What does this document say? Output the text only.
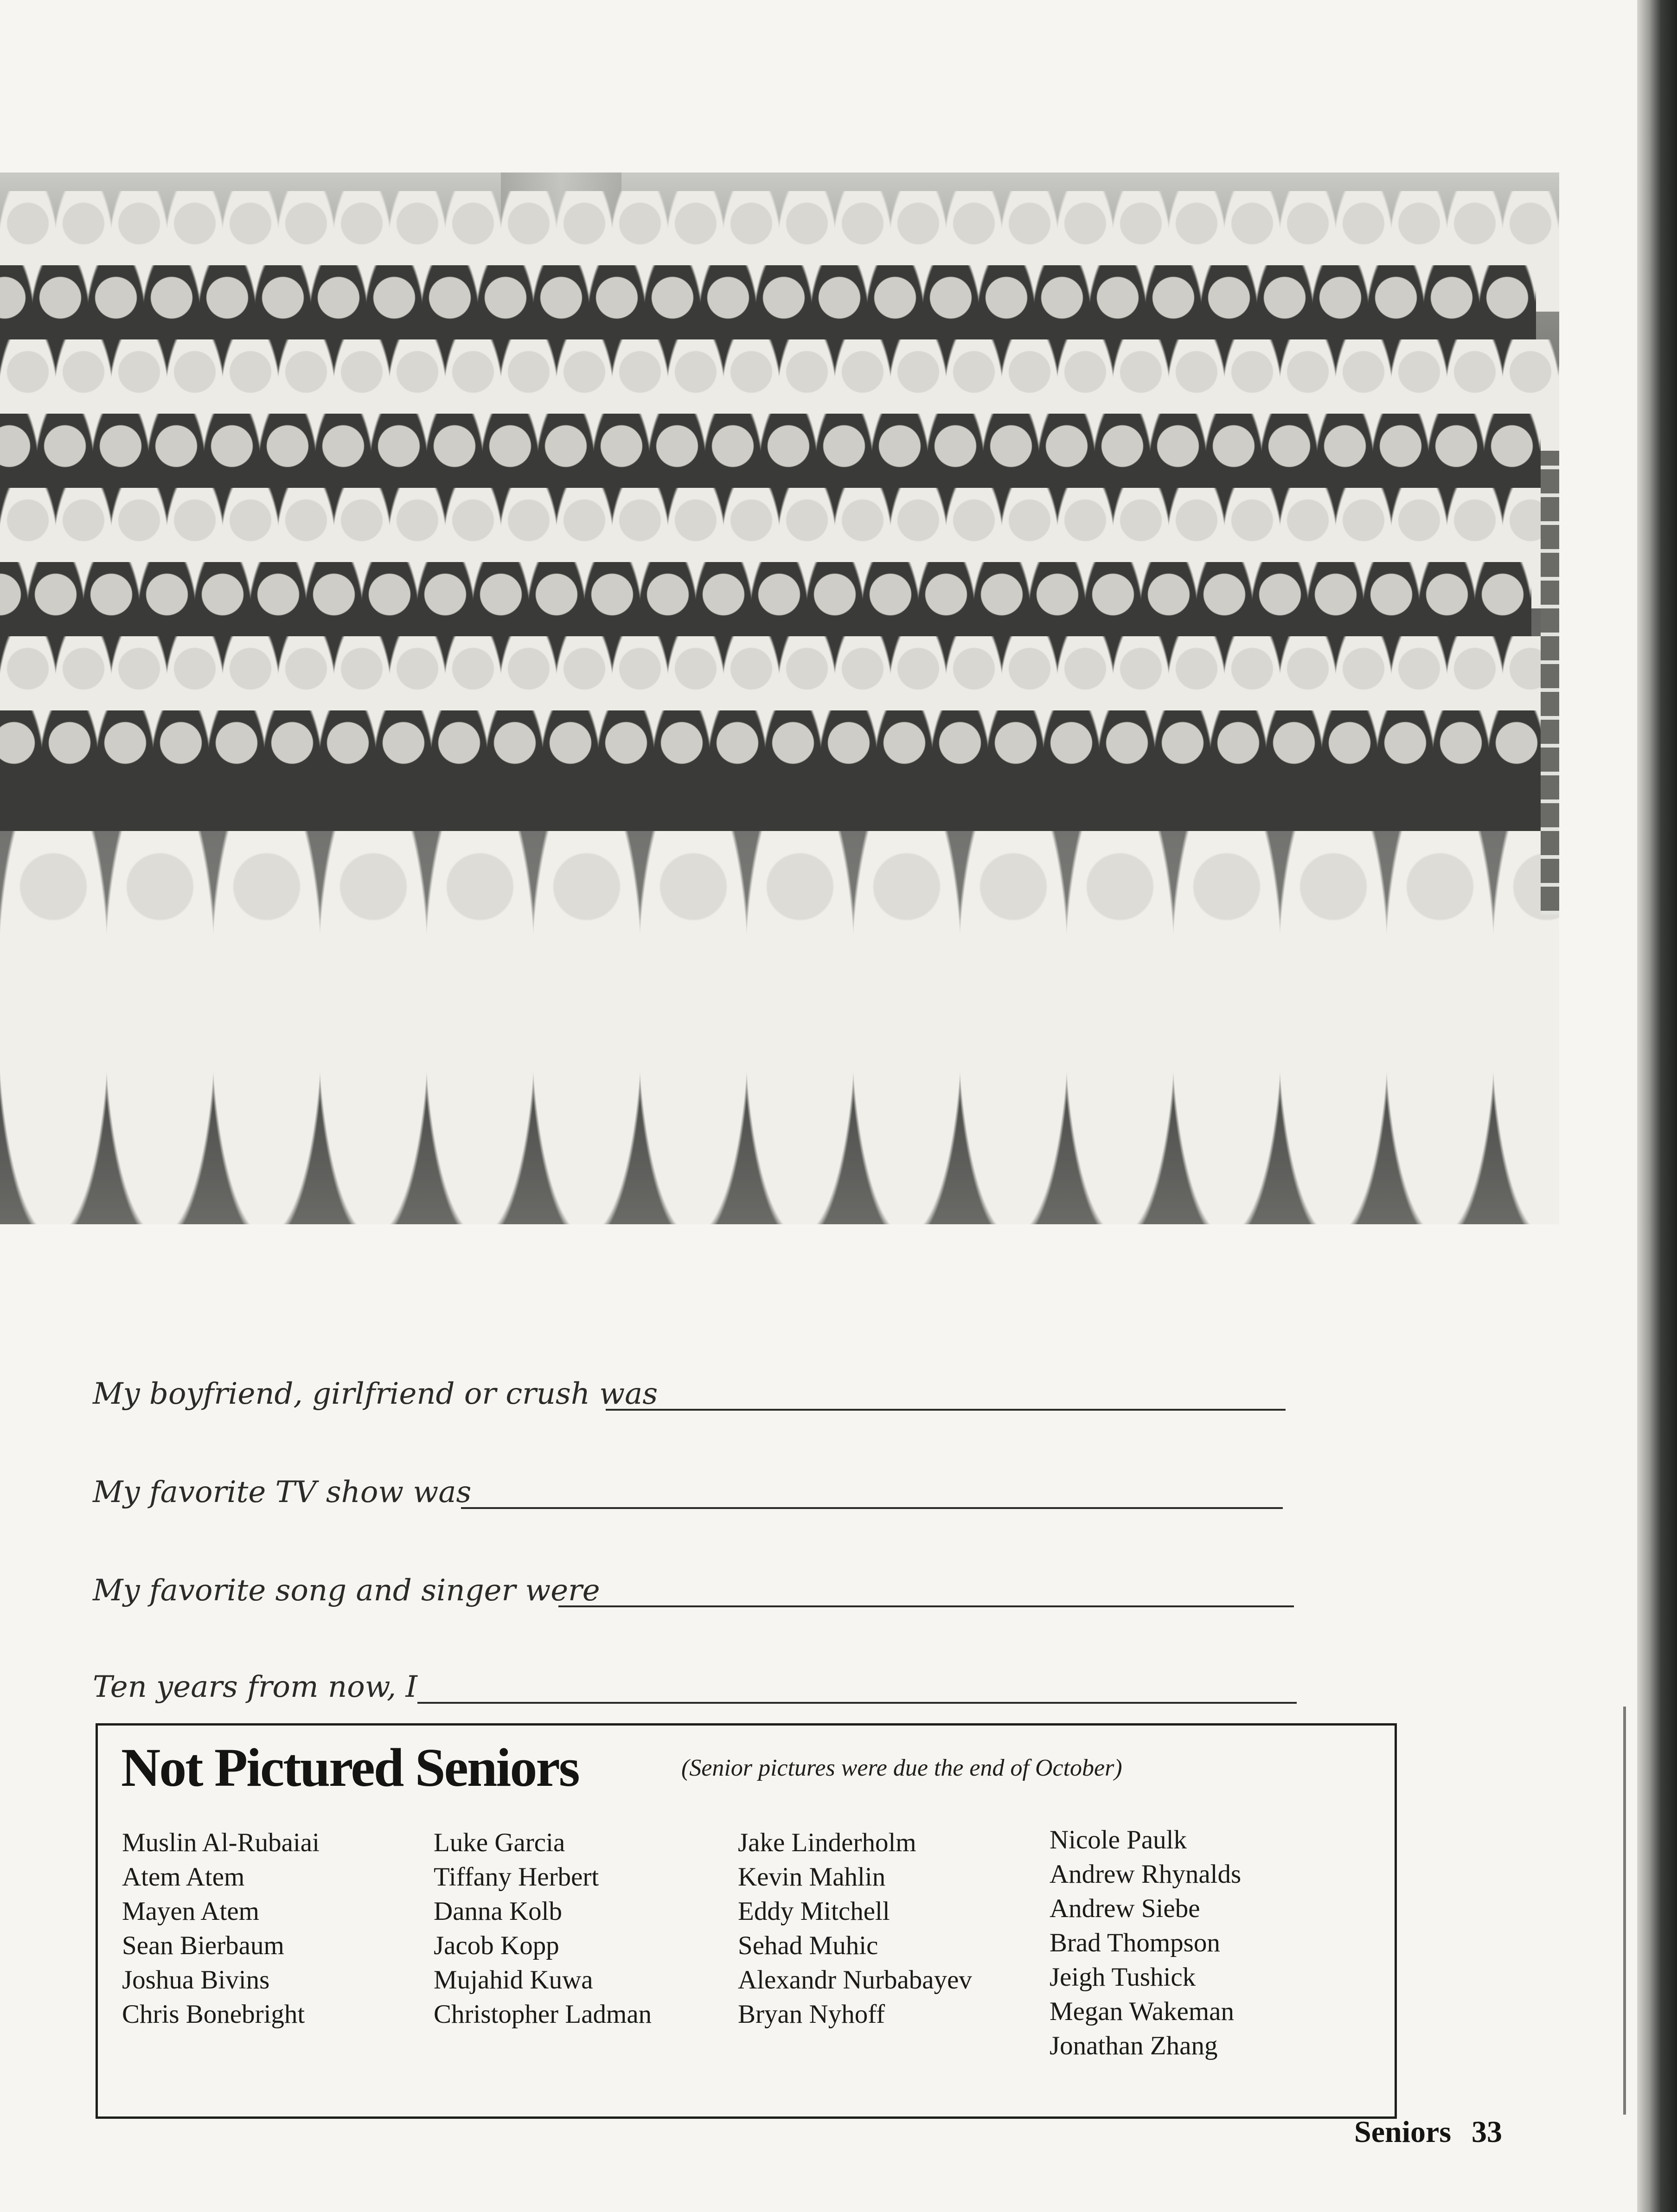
My boyfriend, girlfriend or crush was
My favorite TV show was
My favorite song and singer were
Ten years from now, I
Not Pictured Seniors	(Senior pictures were due the end of October)
Muslin Al-Rubaiai
Atem Atem
Mayen Atem
Sean Bierbaum
Joshua Bivins
Chris Bonebright
Luke Garcia
Tiffany Herbert
Danna Kolb
Jacob Kopp
Mujahid Kuwa
Christopher Ladman
Jake Linderholm
Kevin Mahlin
Eddy Mitchell
Sehad Muhic
Alexandr Nurbabayev
Bryan Nyhoff
Nicole Paulk
Andrew Rhynalds
Andrew Siebe
Brad Thompson
Jeigh Tushick
Megan Wakeman
Jonathan Zhang
Seniors 33
